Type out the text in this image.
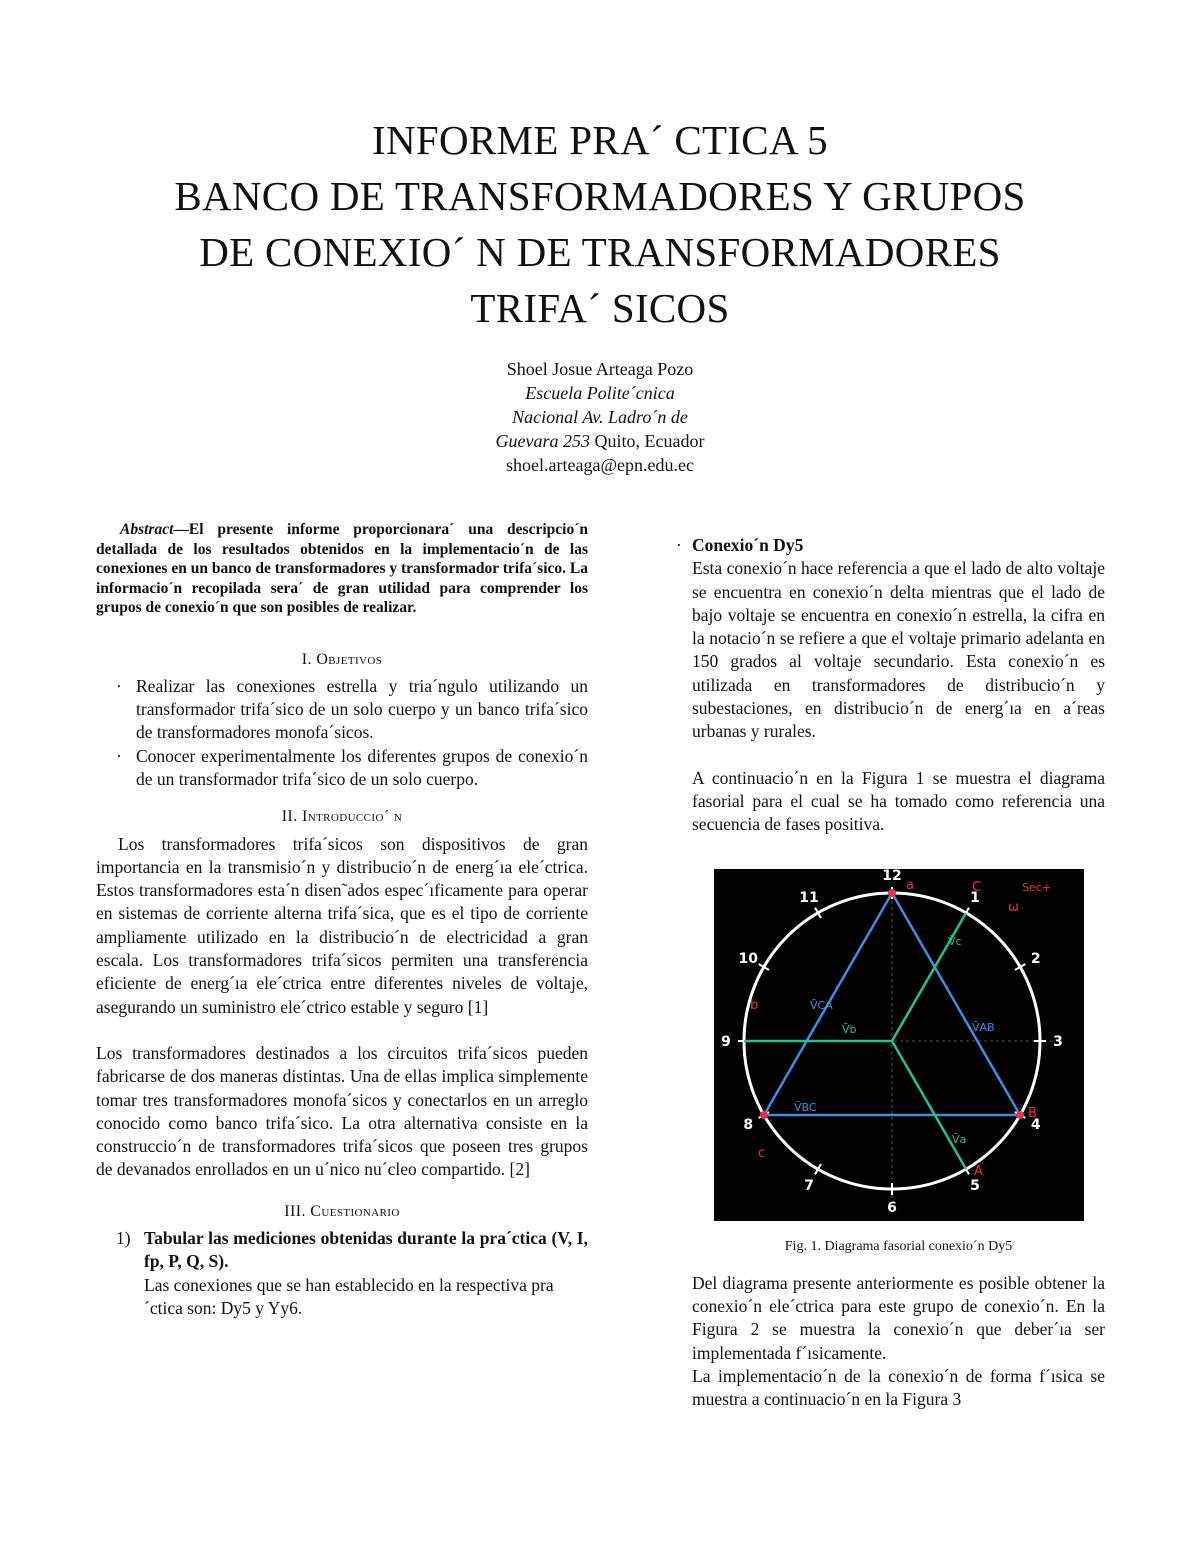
INFORME PRA´ CTICA 5
BANCO DE TRANSFORMADORES Y GRUPOS
DE CONEXIO´ N DE TRANSFORMADORES
TRIFA´ SICOS
Shoel Josue Arteaga Pozo
Escuela Polite´cnica
Nacional Av. Ladro´n de
Guevara 253 Quito, Ecuador
shoel.arteaga@epn.edu.ec
Abstract—El presente informe proporcionara´ una descripcio´n detallada de los resultados obtenidos en la implementacio´n de las conexiones en un banco de transformadores y transformador trifa´sico. La informacio´n recopilada sera´ de gran utilidad para comprender los grupos de conexio´n que son posibles de realizar.
I. Objetivos
· Realizar las conexiones estrella y tria´ngulo utilizando un transformador trifa´sico de un solo cuerpo y un banco trifa´sico de transformadores monofa´sicos.
· Conocer experimentalmente los diferentes grupos de conexio´n de un transformador trifa´sico de un solo cuerpo.
II. Introduccio´ n
Los transformadores trifa´sicos son dispositivos de gran importancia en la transmisio´n y distribucio´n de energ´ıa ele´ctrica. Estos transformadores esta´n disen˜ados espec´ıficamente para operar en sistemas de corriente alterna trifa´sica, que es el tipo de corriente ampliamente utilizado en la distribucio´n de electricidad a gran escala. Los transformadores trifa´sicos permiten una transferencia eficiente de energ´ıa ele´ctrica entre diferentes niveles de voltaje, asegurando un suministro ele´ctrico estable y seguro [1]
Los transformadores destinados a los circuitos trifa´sicos pueden fabricarse de dos maneras distintas. Una de ellas implica simplemente tomar tres transformadores monofa´sicos y conectarlos en un arreglo conocido como banco trifa´sico. La otra alternativa consiste en la construccio´n de transformadores trifa´sicos que poseen tres grupos de devanados enrollados en un u´nico nu´cleo compartido. [2]
III. Cuestionario
1) Tabular las mediciones obtenidas durante la pra´ctica (V, I, fp, P, Q, S).
Las conexiones que se han establecido en la respectiva pra´ctica son: Dy5 y Yy6.
· Conexio´n Dy5
Esta conexio´n hace referencia a que el lado de alto voltaje se encuentra en conexio´n delta mientras que el lado de bajo voltaje se encuentra en conexio´n estrella, la cifra en la notacio´n se refiere a que el voltaje primario adelanta en 150 grados al voltaje secundario. Esta conexio´n es utilizada en transformadores de distribucio´n y subestaciones, en distribucio´n de energ´ıa en a´reas urbanas y rurales.
A continuacio´n en la Figura 1 se muestra el diagrama fasorial para el cual se ha tomado como referencia una secuencia de fases positiva.
12
1
2
3
4
5
6
7
8
9
10
11
V̄AB
V̄CA
V̄BC
V̄a
V̄b
V̄c
a
b
c
B
A
C	Sec+
ω
Fig. 1. Diagrama fasorial conexio´n Dy5
Del diagrama presente anteriormente es posible obtener la conexio´n ele´ctrica para este grupo de conexio´n. En la Figura 2 se muestra la conexio´n que deber´ıa ser implementada f´ısicamente.
La implementacio´n de la conexio´n de forma f´ısica se muestra a continuacio´n en la Figura 3
